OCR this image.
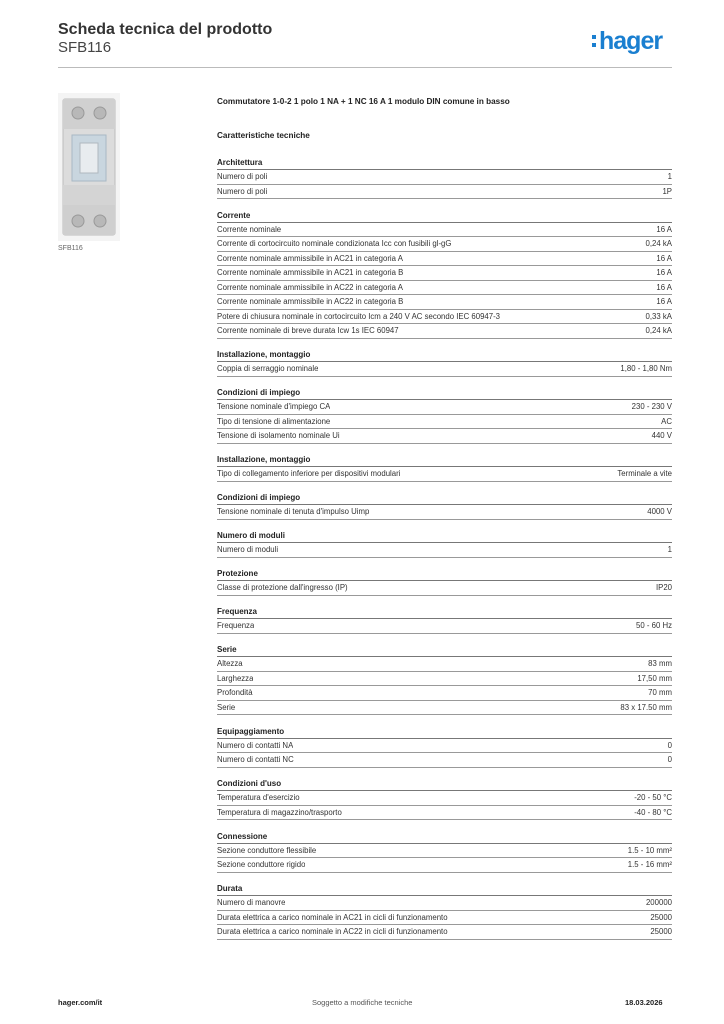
Scheda tecnica del prodotto
SFB116	hager
SFB116
Commutatore 1-0-2 1 polo 1 NA + 1 NC 16 A 1 modulo DIN comune in basso
Caratteristiche tecniche
Architettura
Numero di poli	1
Numero di poli	1P
Corrente
Corrente nominale	16 A
Corrente di cortocircuito nominale condizionata Icc con fusibili gl-gG	0,24 kA
Corrente nominale ammissibile in AC21 in categoria A	16 A
Corrente nominale ammissibile in AC21 in categoria B	16 A
Corrente nominale ammissibile in AC22 in categoria A	16 A
Corrente nominale ammissibile in AC22 in categoria B	16 A
Potere di chiusura nominale in cortocircuito Icm a 240 V AC secondo IEC 60947-3	0,33 kA
Corrente nominale di breve durata Icw 1s IEC 60947	0,24 kA
Installazione, montaggio
Coppia di serraggio nominale	1,80 - 1,80 Nm
Condizioni di impiego
Tensione nominale d'impiego CA	230 - 230 V
Tipo di tensione di alimentazione	AC
Tensione di isolamento nominale Ui	440 V
Installazione, montaggio
Tipo di collegamento inferiore per dispositivi modulari	Terminale a vite
Condizioni di impiego
Tensione nominale di tenuta d'impulso Uimp	4000 V
Numero di moduli
Numero di moduli	1
Protezione
Classe di protezione dall'ingresso (IP)	IP20
Frequenza
Frequenza	50 - 60 Hz
Serie
Altezza	83 mm
Larghezza	17,50 mm
Profondità	70 mm
Serie	83 x 17.50 mm
Equipaggiamento
Numero di contatti NA	0
Numero di contatti NC	0
Condizioni d'uso
Temperatura d'esercizio	-20 - 50 °C
Temperatura di magazzino/trasporto	-40 - 80 °C
Connessione
Sezione conduttore flessibile	1.5 - 10 mm²
Sezione conduttore rigido	1.5 - 16 mm²
Durata
Numero di manovre	200000
Durata elettrica a carico nominale in AC21 in cicli di funzionamento	25000
Durata elettrica a carico nominale in AC22 in cicli di funzionamento	25000
hager.com/it	Soggetto a modifiche tecniche	18.03.2026
